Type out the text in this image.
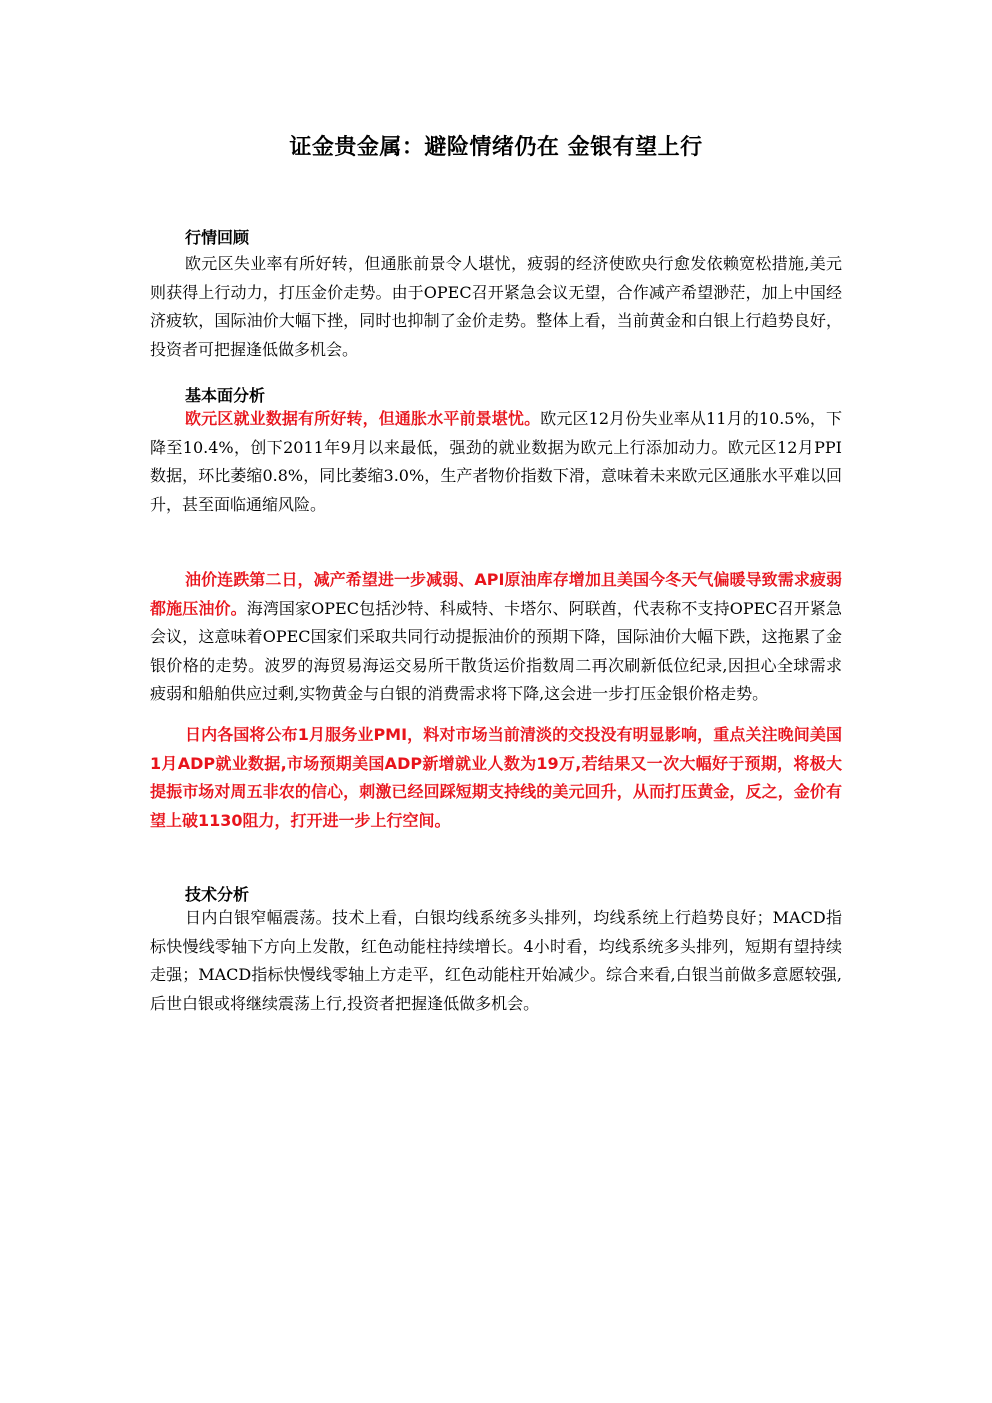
证金贵金属：避险情绪仍在 金银有望上行
行情回顾
欧元区失业率有所好转，但通胀前景令人堪忧，疲弱的经济使欧央行愈发依赖宽松措施,美元则获得上行动力，打压金价走势。由于OPEC召开紧急会议无望，合作减产希望渺茫，加上中国经济疲软，国际油价大幅下挫，同时也抑制了金价走势。整体上看，当前黄金和白银上行趋势良好，投资者可把握逢低做多机会。
基本面分析
欧元区就业数据有所好转，但通胀水平前景堪忧。欧元区12月份失业率从11月的10.5%，下降至10.4%，创下2011年9月以来最低，强劲的就业数据为欧元上行添加动力。欧元区12月PPI数据，环比萎缩0.8%，同比萎缩3.0%，生产者物价指数下滑，意味着未来欧元区通胀水平难以回升，甚至面临通缩风险。
油价连跌第二日，减产希望进一步减弱、API原油库存增加且美国今冬天气偏暖导致需求疲弱都施压油价。海湾国家OPEC包括沙特、科威特、卡塔尔、阿联酋，代表称不支持OPEC召开紧急会议，这意味着OPEC国家们采取共同行动提振油价的预期下降，国际油价大幅下跌，这拖累了金银价格的走势。波罗的海贸易海运交易所干散货运价指数周二再次刷新低位纪录,因担心全球需求疲弱和船舶供应过剩,实物黄金与白银的消费需求将下降,这会进一步打压金银价格走势。
日内各国将公布1月服务业PMI，料对市场当前清淡的交投没有明显影响，重点关注晚间美国1月ADP就业数据,市场预期美国ADP新增就业人数为19万,若结果又一次大幅好于预期，将极大提振市场对周五非农的信心，刺激已经回踩短期支持线的美元回升，从而打压黄金，反之，金价有望上破1130阻力，打开进一步上行空间。
技术分析
日内白银窄幅震荡。技术上看，白银均线系统多头排列，均线系统上行趋势良好；MACD指标快慢线零轴下方向上发散，红色动能柱持续增长。4小时看，均线系统多头排列，短期有望持续走强；MACD指标快慢线零轴上方走平，红色动能柱开始减少。综合来看,白银当前做多意愿较强,后世白银或将继续震荡上行,投资者把握逢低做多机会。
